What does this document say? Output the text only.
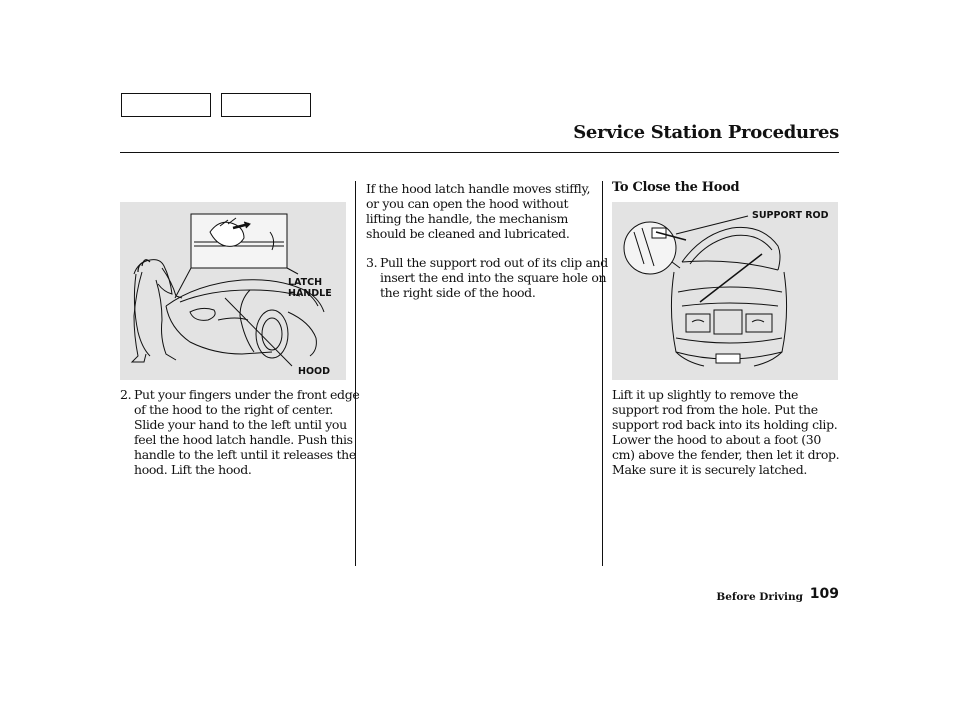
Service Station Procedures
LATCH
HANDLE
HOOD

2. Put your fingers under the front edge of the hood to the right of center. Slide your hand to the left until you feel the hood latch handle. Push this handle to the left until it releases the hood. Lift the hood.

If the hood latch handle moves stiffly, or you can open the hood without lifting the handle, the mechanism should be cleaned and lubricated.

3. Pull the support rod out of its clip and insert the end into the square hole on the right side of the hood.

To Close the Hood
SUPPORT ROD

Lift it up slightly to remove the support rod from the hole. Put the support rod back into its holding clip. Lower the hood to about a foot (30 cm) above the fender, then let it drop. Make sure it is securely latched.

Before Driving 109
